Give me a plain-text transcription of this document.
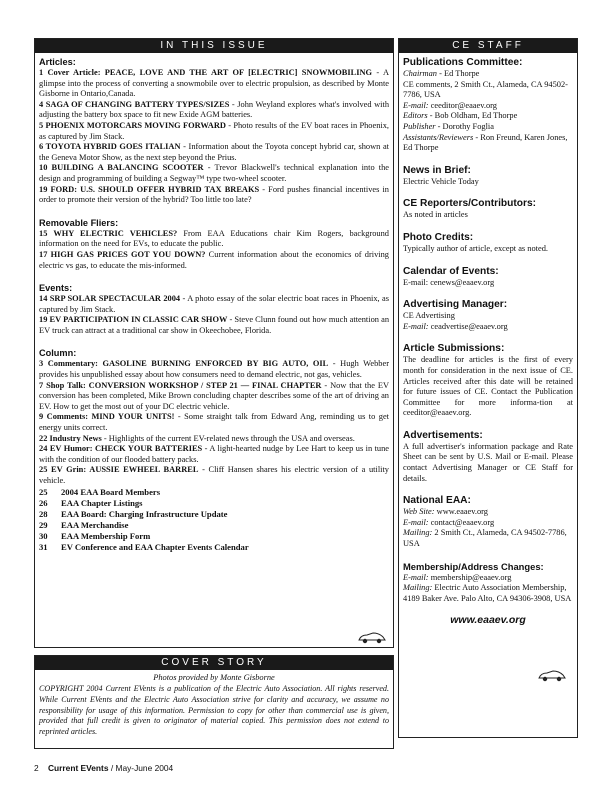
IN THIS ISSUE

Articles:

1 Cover Article: PEACE, LOVE AND THE ART OF [ELECTRIC] SNOWMOBILING - A glimpse into the process of converting a snowmobile over to electric propulsion, as described by Monte Gisborne in Ontario,Canada.

4 SAGA OF CHANGING BATTERY TYPES/SIZES - John Weyland explores what's involved with adjusting the battery box space to fit new Exide AGM batteries.

5 PHOENIX MOTORCARS MOVING FORWARD - Photo results of the EV boat races in Phoenix, as captured by Jim Stack.

6 TOYOTA HYBRID GOES ITALIAN - Information about the Toyota concept hybrid car, shown at the Geneva Motor Show, as the next step beyond the Prius.

10 BUILDING A BALANCING SCOOTER - Trevor Blackwell's technical explanation into the design and programming of building a Segway™ type two-wheel scooter.

19 FORD: U.S. SHOULD OFFER HYBRID TAX BREAKS - Ford pushes financial incentives in order to promote their version of the hybrid? Too little too late?

Removable Fliers:

15 WHY ELECTRIC VEHICLES? From EAA Educations chair Kim Rogers, background information on the need for EVs, to educate the public.

17 HIGH GAS PRICES GOT YOU DOWN? Current information about the economics of driving electric vs gas, to educate the mis-informed.

Events:

14 SRP SOLAR SPECTACULAR 2004 - A photo essay of the solar electric boat races in Phoenix, as captured by Jim Stack.

19 EV PARTICIPATION IN CLASSIC CAR SHOW - Steve Clunn found out how much attention an EV truck can attract at a traditional car show in Okeechobee, Florida.

Column:

3 Commentary: GASOLINE BURNING ENFORCED BY BIG AUTO, OIL - Hugh Webber provides his unpublished essay about how consumers need to demand electric, not gas, vehicles.

7 Shop Talk: CONVERSION WORKSHOP / STEP 21 — FINAL CHAPTER - Now that the EV conversion has been completed, Mike Brown concluding chapter describes some of the art of driving an EV. How to get the most out of your DC electric vehicle.

9 Comments: MIND YOUR UNITS! - Some straight talk from Edward Ang, reminding us to get energy units correct.

22 Industry News - Highlights of the current EV-related news through the USA and overseas.

24 EV Humor: CHECK YOUR BATTERIES - A light-hearted nudge by Lee Hart to keep us in tune with the condition of our flooded battery packs.

25 EV Grin: AUSSIE EWHEEL BARREL - Cliff Hansen shares his electric version of a utility vehicle.

25 2004 EAA Board Members

26 EAA Chapter Listings

28 EAA Board: Charging Infrastructure Update

29 EAA Merchandise

30 EAA Membership Form

31 EV Conference and EAA Chapter Events Calendar

COVER STORY

Photos provided by Monte Gisborne

COPYRIGHT 2004 Current EVents is a publication of the Electric Auto Association. All rights reserved. While Current EVents and the Electric Auto Association strive for clarity and accuracy, we assume no responsibility for usage of this information. Permission to copy for other than commercial use is given, provided that full credit is given to originator of material copied. This permission does not extend to reprinted articles.

CE STAFF

Publications Committee:

Chairman - Ed Thorpe

CE comments, 2 Smith Ct., Alameda, CA 94502-7786, USA

E-mail: ceeditor@eaaev.org

Editors - Bob Oldham, Ed Thorpe

Publisher - Dorothy Foglia

Assistants/Reviewers - Ron Freund, Karen Jones, Ed Thorpe

News in Brief:

Electric Vehicle Today

CE Reporters/Contributors:

As noted in articles

Photo Credits:

Typically author of article, except as noted.

Calendar of Events:

E-mail: cenews@eaaev.org

Advertising Manager:

CE Advertising

E-mail: ceadvertise@eaaev.org

Article Submissions:

The deadline for articles is the first of every month for consideration in the next issue of CE. Articles received after this date will be retained for future issues of CE. Contact the Publication Committee for more informa-tion at ceeditor@eaaev.org.

Advertisements:

A full advertiser's information package and Rate Sheet can be sent by U.S. Mail or E-mail. Please contact Advertising Manager or CE Staff for details.

National EAA:

Web Site: www.eaaev.org

E-mail: contact@eaaev.org

Mailing: 2 Smith Ct., Alameda, CA 94502-7786, USA

Membership/Address Changes:

E-mail: membership@eaaev.org

Mailing: Electric Auto Association Membership, 4189 Baker Ave. Palo Alto, CA 94306-3908, USA

www.eaaev.org

2 Current EVents / May-June 2004
